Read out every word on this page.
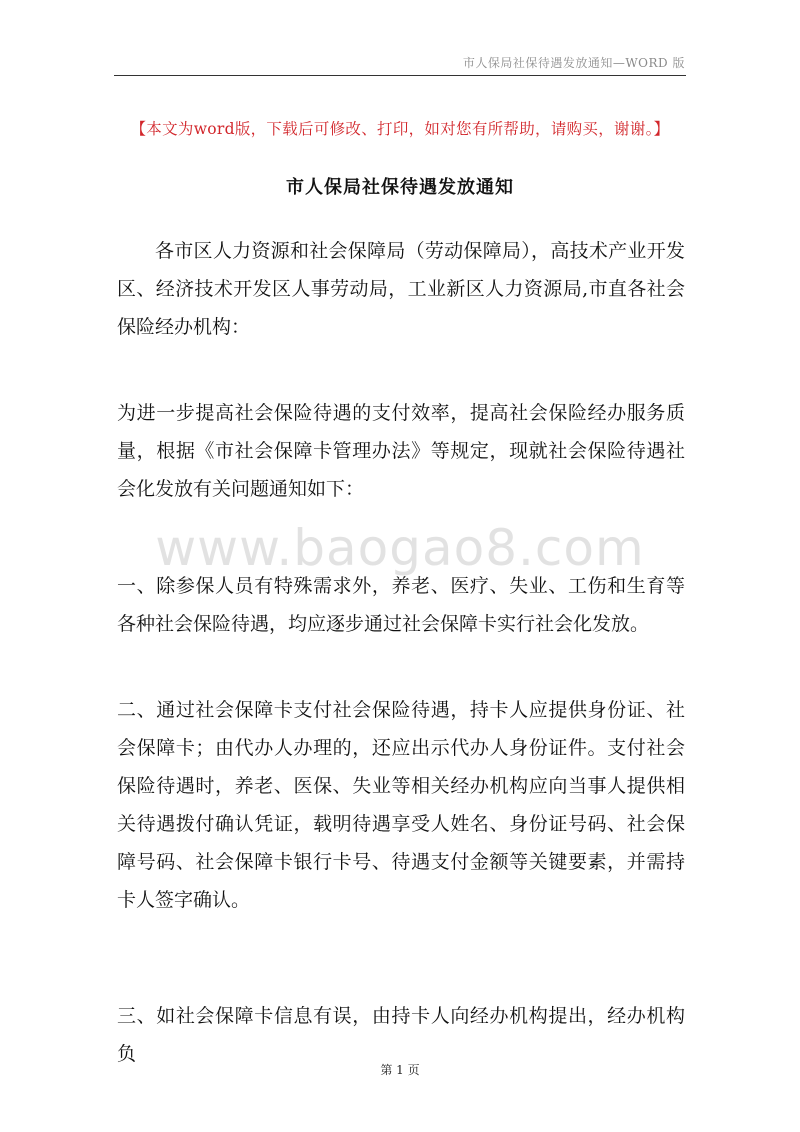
市人保局社保待遇发放通知—WORD 版
【本文为word版，下载后可修改、打印，如对您有所帮助，请购买，谢谢。】
市人保局社保待遇发放通知
各市区人力资源和社会保障局（劳动保障局），高技术产业开发区、经济技术开发区人事劳动局，工业新区人力资源局,市直各社会保险经办机构：
为进一步提高社会保险待遇的支付效率，提高社会保险经办服务质量，根据《市社会保障卡管理办法》等规定，现就社会保险待遇社会化发放有关问题通知如下：
一、除参保人员有特殊需求外，养老、医疗、失业、工伤和生育等各种社会保险待遇，均应逐步通过社会保障卡实行社会化发放。
二、通过社会保障卡支付社会保险待遇，持卡人应提供身份证、社会保障卡；由代办人办理的，还应出示代办人身份证件。支付社会保险待遇时，养老、医保、失业等相关经办机构应向当事人提供相关待遇拨付确认凭证，载明待遇享受人姓名、身份证号码、社会保障号码、社会保障卡银行卡号、待遇支付金额等关键要素，并需持卡人签字确认。
三、如社会保障卡信息有误，由持卡人向经办机构提出，经办机构负
www.baogao8.com
第 1 页
